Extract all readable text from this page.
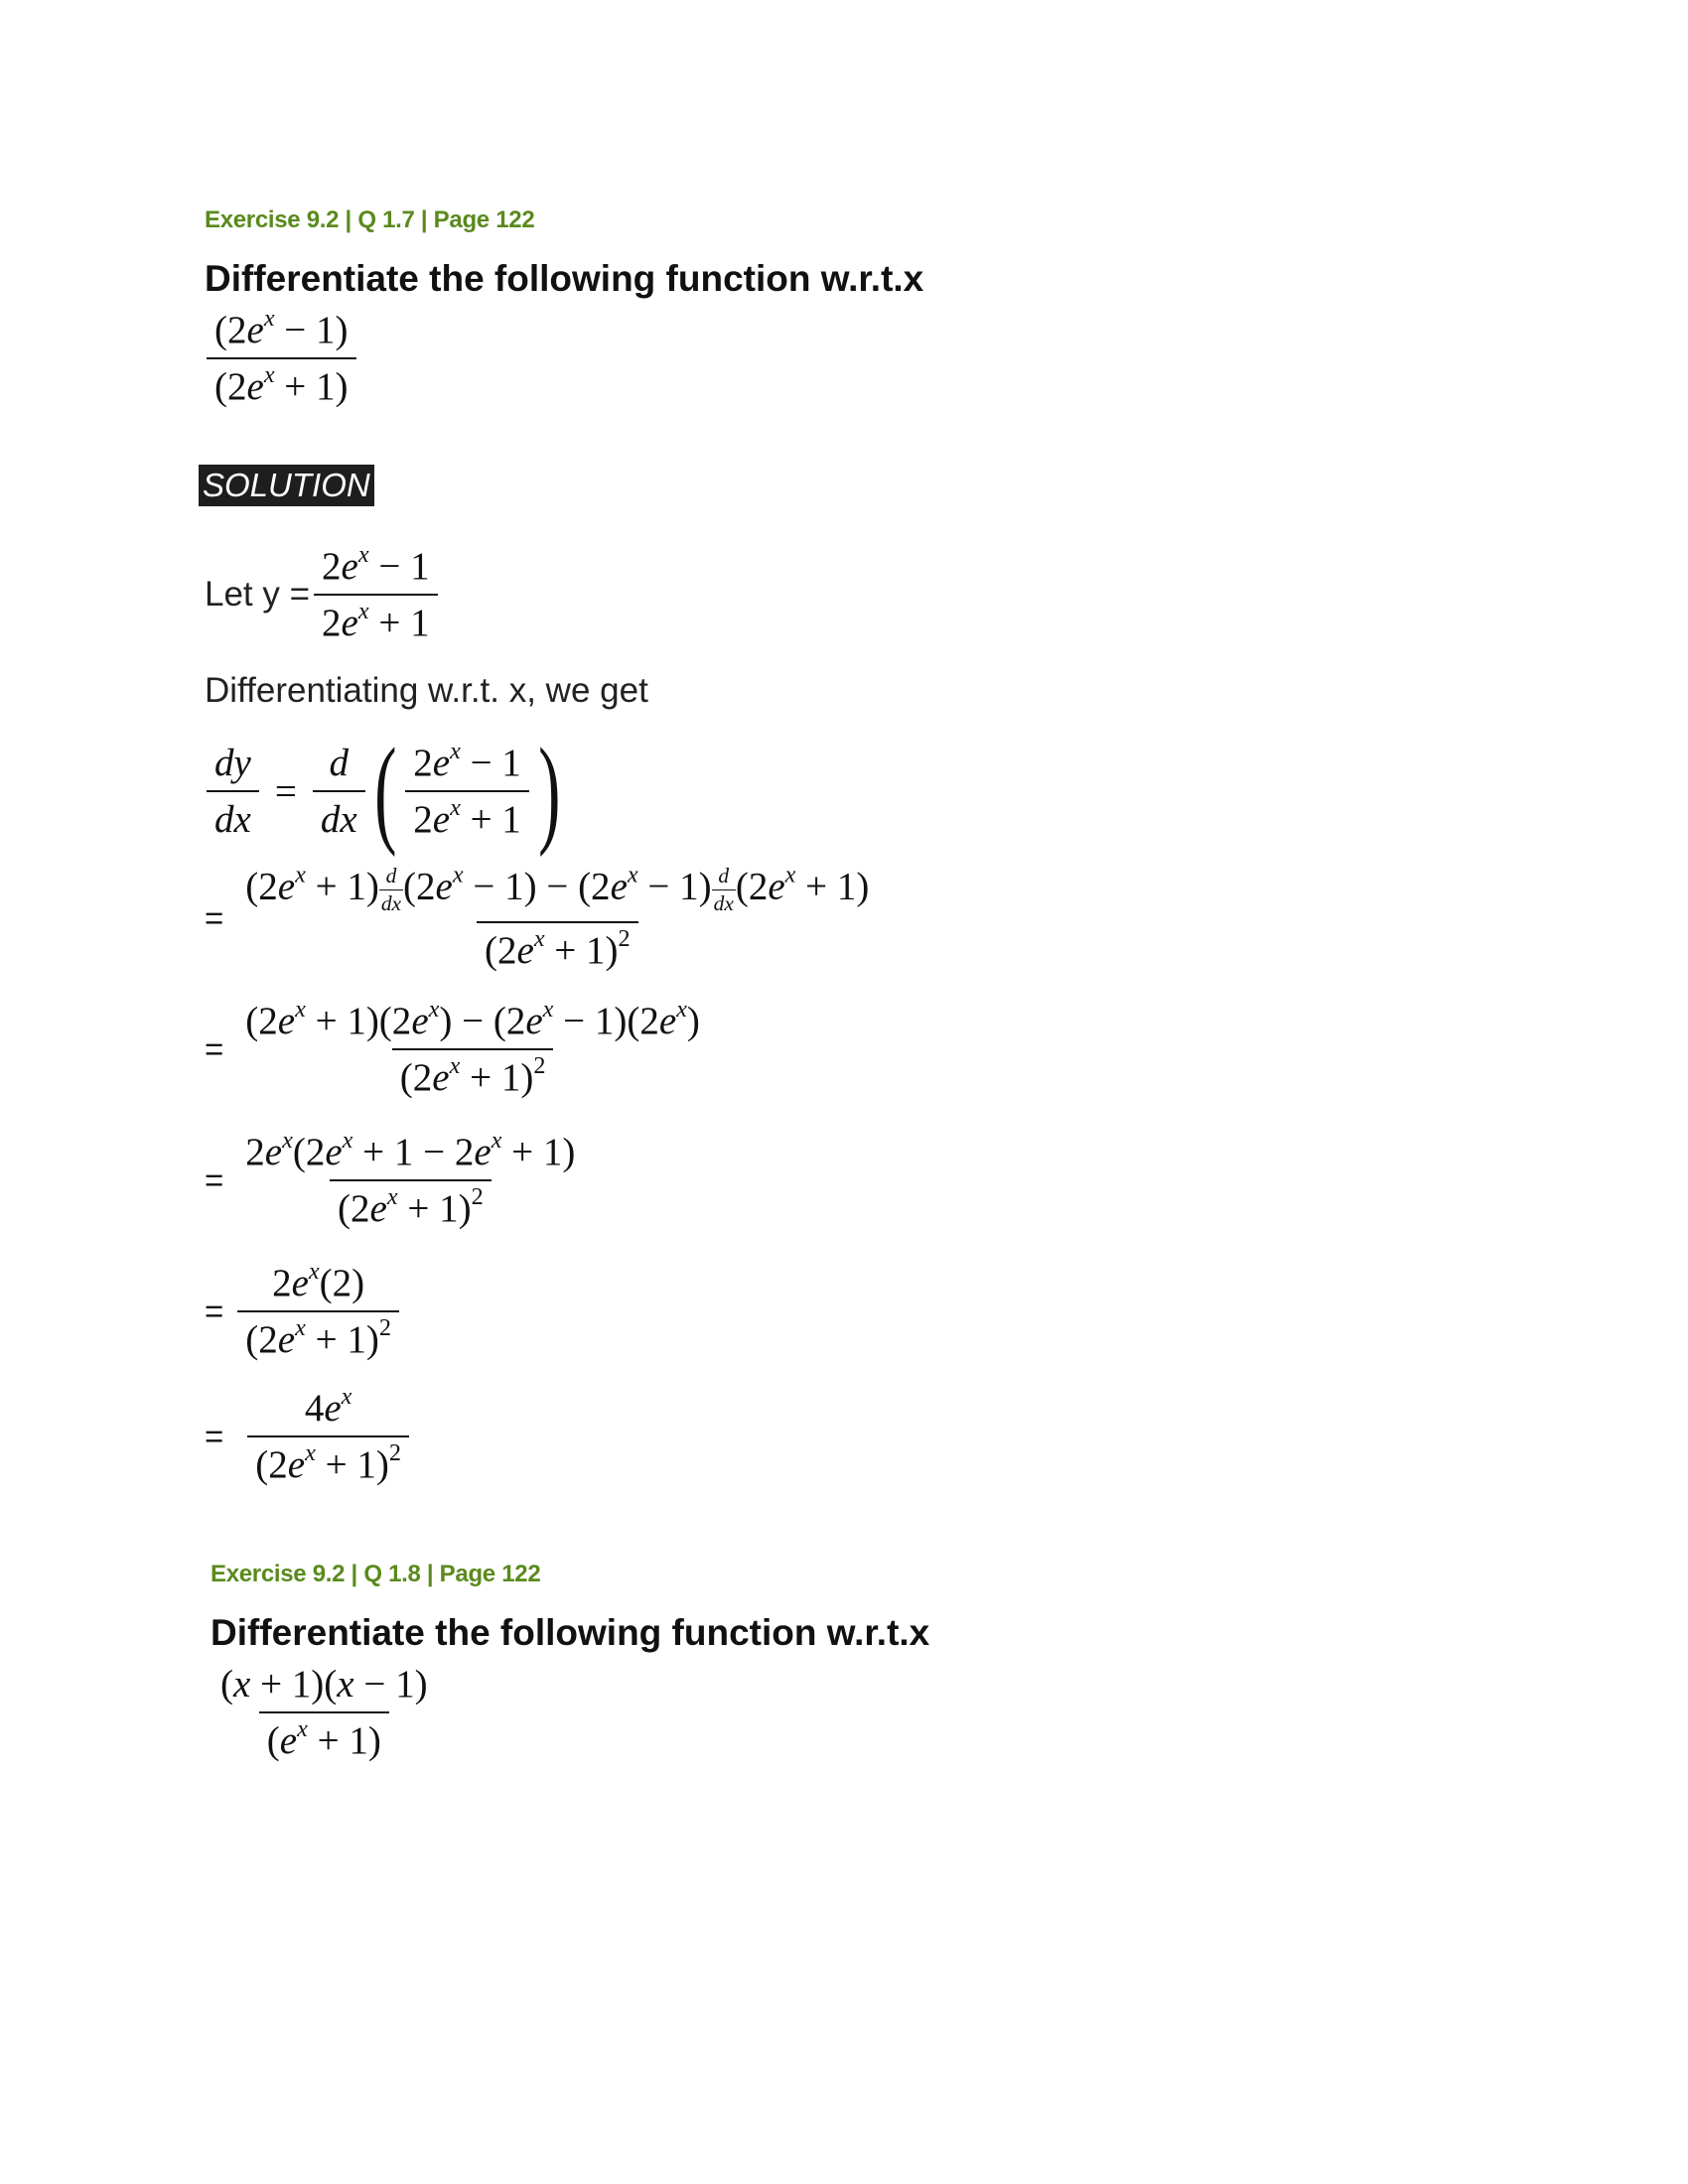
Exercise 9.2 | Q 1.7 | Page 122
Differentiate the following function w.r.t.x
$\frac{(2e^x - 1)}{(2e^x + 1)}$
SOLUTION
Let $y = \frac{2e^x - 1}{2e^x + 1}$
Differentiating w.r.t. x, we get
$\frac{dy}{dx} = \frac{d}{dx}$ ( $\frac{2e^x - 1}{2e^x + 1}$ )
= $\frac{(2e^x + 1) \frac{d}{dx} (2e^x - 1) - (2e^x - 1) \frac{d}{dx} (2e^x + 1)}{(2e^x + 1)^2}$
= $\frac{(2e^x + 1)(2e^x) - (2e^x - 1)(2e^x)}{(2e^x + 1)^2}$
= $\frac{2e^x(2e^x + 1 - 2e^x + 1)}{(2e^x + 1)^2}$
= $\frac{2e^x(2)}{(2e^x + 1)^2}$
= $\frac{4e^x}{(2e^x + 1)^2}$
Exercise 9.2 | Q 1.8 | Page 122
Differentiate the following function w.r.t.x
$\frac{(x + 1)(x - 1)}{(e^x + 1)}$
